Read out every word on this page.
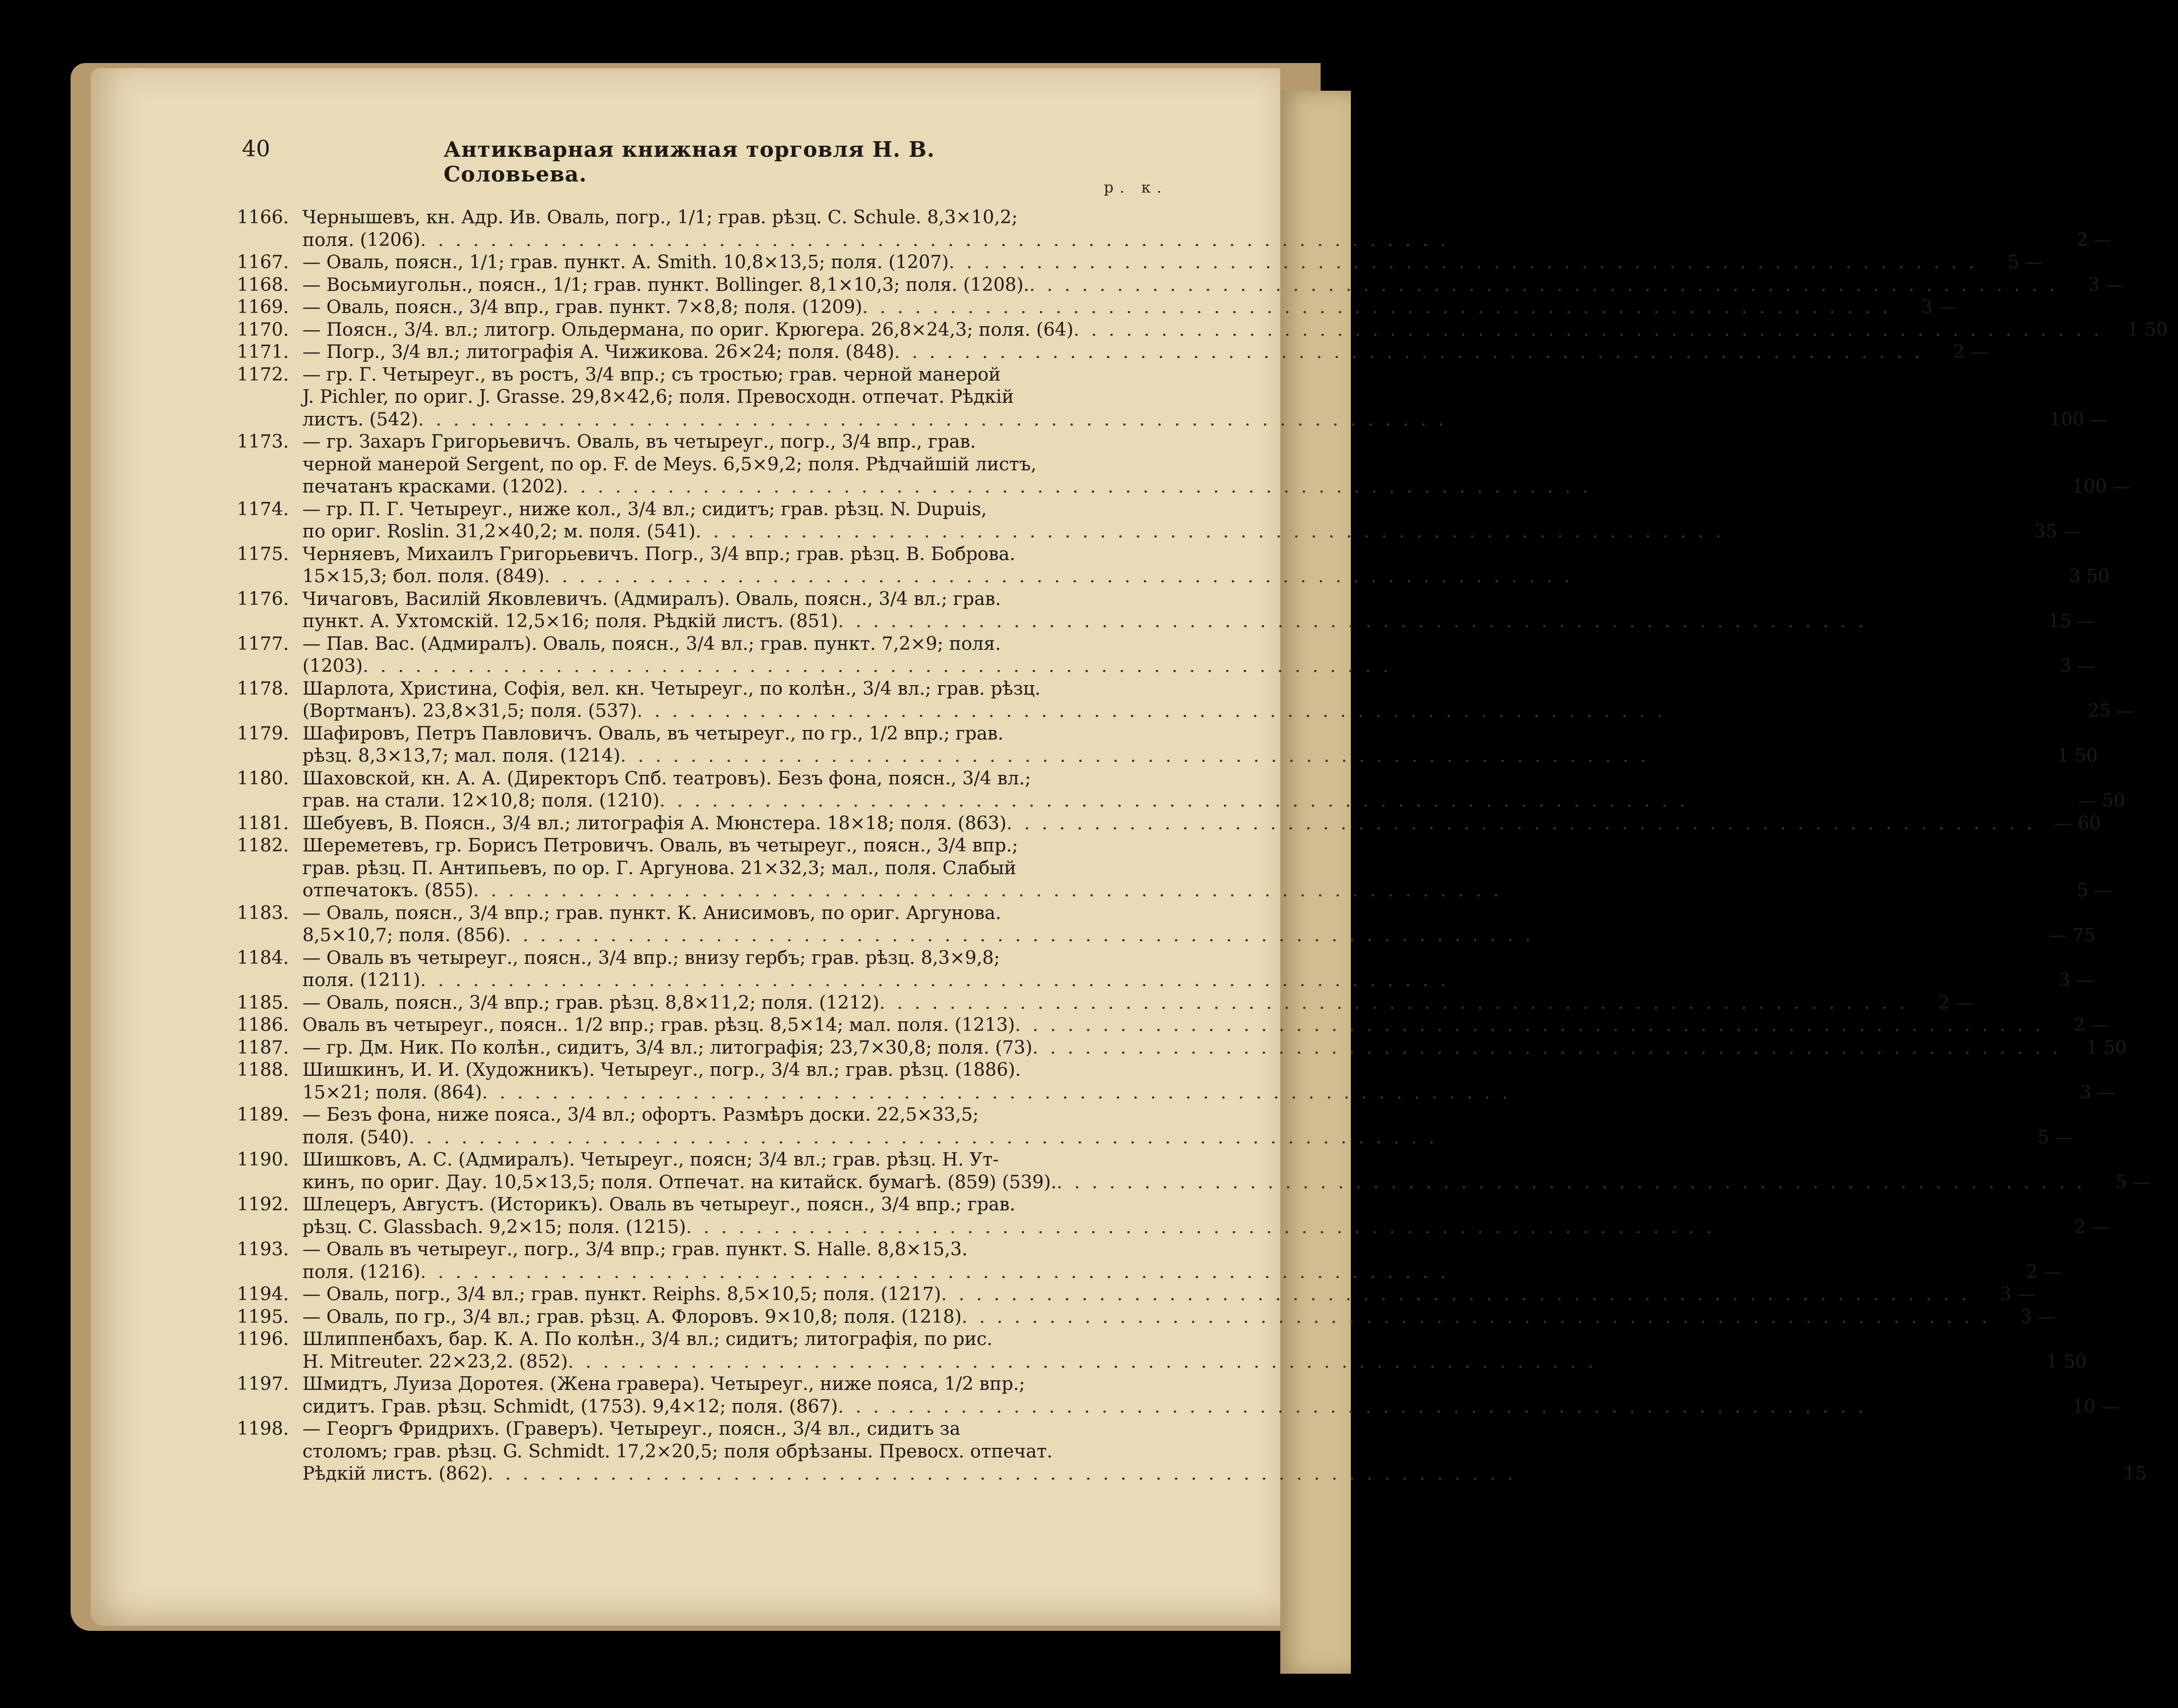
40	Антикварная книжная торговля Н. В. Соловьева.
р. к.
1166. Чернышевъ, кн. Адр. Ив. Оваль, погр., 1/1; грав. рѣзц. С. Schule. 8,3×10,2;
поля. (1206) . . .	2 —
1167. — Оваль, поясн., 1/1; грав. пункт. А. Smith. 10,8×13,5; поля. (1207) . . .	5 —
1168. — Восьмиугольн., поясн., 1/1; грав. пункт. Bollinger. 8,1×10,3; поля. (1208). . . .	3 —
1169. — Оваль, поясн., 3/4 впр., грав. пункт. 7×8,8; поля. (1209) . . .	3 —
1170. — Поясн., 3/4. вл.; литогр. Ольдермана, по ориг. Крюгера. 26,8×24,3; поля. (64) . . .	1 50
1171. — Погр., 3/4 вл.; литографія А. Чижикова. 26×24; поля. (848) . . .	2 —
1172. — гр. Г. Четыреуг., въ ростъ, 3/4 впр.; съ тростью; грав. черной манерой
J. Pichler, по ориг. J. Grasse. 29,8×42,6; поля. Превосходн. отпечат. Рѣдкій
листъ. (542) . . .	100 —
1173. — гр. Захаръ Григорьевичъ. Оваль, въ четыреуг., погр., 3/4 впр., грав.
черной манерой Sergent, по ор. F. de Meys. 6,5×9,2; поля. Рѣдчайшій листъ,
печатанъ красками. (1202) . . .	100 —
1174. — гр. П. Г. Четыреуг., ниже кол., 3/4 вл.; сидитъ; грав. рѣзц. N. Dupuis,
по ориг. Roslin. 31,2×40,2; м. поля. (541) . . .	35 —
1175. Черняевъ, Михаилъ Григорьевичъ. Погр., 3/4 впр.; грав. рѣзц. В. Боброва.
15×15,3; бол. поля. (849) . . .	3 50
1176. Чичаговъ, Василій Яковлевичъ. (Адмиралъ). Оваль, поясн., 3/4 вл.; грав.
пункт. А. Ухтомскій. 12,5×16; поля. Рѣдкій листъ. (851) . . .	15 —
1177. — Пав. Вас. (Адмиралъ). Оваль, поясн., 3/4 вл.; грав. пункт. 7,2×9; поля.
(1203) . . .	3 —
1178. Шарлота, Христина, Софія, вел. кн. Четыреуг., по колѣн., 3/4 вл.; грав. рѣзц.
(Вортманъ). 23,8×31,5; поля. (537) . . .	25 —
1179. Шафировъ, Петръ Павловичъ. Оваль, въ четыреуг., по гр., 1/2 впр.; грав.
рѣзц. 8,3×13,7; мал. поля. (1214) . . .	1 50
1180. Шаховской, кн. А. А. (Директоръ Спб. театровъ). Безъ фона, поясн., 3/4 вл.;
грав. на стали. 12×10,8; поля. (1210) . . .	— 50
1181. Шебуевъ, В. Поясн., 3/4 вл.; литографія А. Мюнстера. 18×18; поля. (863) . . .	— 60
1182. Шереметевъ, гр. Борисъ Петровичъ. Оваль, въ четыреуг., поясн., 3/4 впр.;
грав. рѣзц. П. Антипьевъ, по ор. Г. Аргунова. 21×32,3; мал., поля. Слабый
отпечатокъ. (855) . . .	5 —
1183. — Оваль, поясн., 3/4 впр.; грав. пункт. К. Анисимовъ, по ориг. Аргунова.
8,5×10,7; поля. (856) . . .	— 75
1184. — Оваль въ четыреуг., поясн., 3/4 впр.; внизу гербъ; грав. рѣзц. 8,3×9,8;
поля. (1211) . . .	3 —
1185. — Оваль, поясн., 3/4 впр.; грав. рѣзц. 8,8×11,2; поля. (1212) . . .	2 —
1186. Оваль въ четыреуг., поясн.. 1/2 впр.; грав. рѣзц. 8,5×14; мал. поля. (1213) . . .	2 —
1187. — гр. Дм. Ник. По колѣн., сидитъ, 3/4 вл.; литографія; 23,7×30,8; поля. (73) . . .	1 50
1188. Шишкинъ, И. И. (Художникъ). Четыреуг., погр., 3/4 вл.; грав. рѣзц. (1886).
15×21; поля. (864) . . .	3 —
1189. — Безъ фона, ниже пояса., 3/4 вл.; офортъ. Размѣръ доски. 22,5×33,5;
поля. (540) . . .	5 —
1190. Шишковъ, А. С. (Адмиралъ). Четыреуг., поясн; 3/4 вл.; грав. рѣзц. Н. Ут-
кинъ, по ориг. Дау. 10,5×13,5; поля. Отпечат. на китайск. бумагѣ. (859) (539). . . .	5 —
1192. Шлецеръ, Августъ. (Историкъ). Оваль въ четыреуг., поясн., 3/4 впр.; грав.
рѣзц. С. Glassbach. 9,2×15; поля. (1215) . . .	2 —
1193. — Оваль въ четыреуг., погр., 3/4 впр.; грав. пункт. S. Halle. 8,8×15,3.
поля. (1216) . . .	2 —
1194. — Оваль, погр., 3/4 вл.; грав. пункт. Reiphs. 8,5×10,5; поля. (1217) . . .	3 —
1195. — Оваль, по гр., 3/4 вл.; грав. рѣзц. А. Флоровъ. 9×10,8; поля. (1218) . . .	3 —
1196. Шлиппенбахъ, бар. К. А. По колѣн., 3/4 вл.; сидитъ; литографія, по рис.
Н. Mitreuter. 22×23,2. (852) . . .	1 50
1197. Шмидтъ, Луиза Доротея. (Жена гравера). Четыреуг., ниже пояса, 1/2 впр.;
сидитъ. Грав. рѣзц. Schmidt, (1753). 9,4×12; поля. (867) . . .	10 —
1198. — Георгъ Фридрихъ. (Граверъ). Четыреуг., поясн., 3/4 вл., сидитъ за
столомъ; грав. рѣзц. G. Schmidt. 17,2×20,5; поля обрѣзаны. Превосх. отпечат.
Рѣдкій листъ. (862) . . .	15
